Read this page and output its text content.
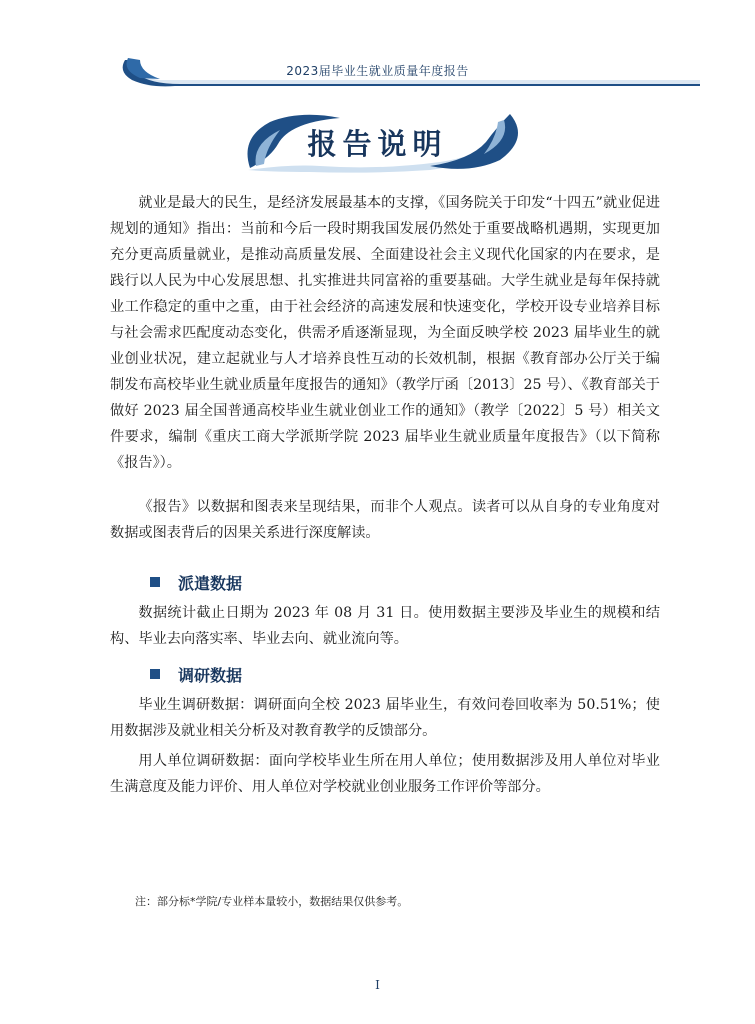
2023届毕业生就业质量年度报告
报告说明

就业是最大的民生，是经济发展最基本的支撑，《国务院关于印发“十四五”就业促进规划的通知》指出：当前和今后一段时期我国发展仍然处于重要战略机遇期，实现更加充分更高质量就业，是推动高质量发展、全面建设社会主义现代化国家的内在要求，是践行以人民为中心发展思想、扎实推进共同富裕的重要基础。大学生就业是每年保持就业工作稳定的重中之重，由于社会经济的高速发展和快速变化，学校开设专业培养目标与社会需求匹配度动态变化，供需矛盾逐渐显现，为全面反映学校 2023 届毕业生的就业创业状况，建立起就业与人才培养良性互动的长效机制，根据《教育部办公厅关于编制发布高校毕业生就业质量年度报告的通知》（教学厅函〔2013〕25 号）、《教育部关于做好 2023 届全国普通高校毕业生就业创业工作的通知》（教学〔2022〕5 号）相关文件要求，编制《重庆工商大学派斯学院 2023 届毕业生就业质量年度报告》（以下简称《报告》）。

《报告》以数据和图表来呈现结果，而非个人观点。读者可以从自身的专业角度对数据或图表背后的因果关系进行深度解读。

派遣数据

数据统计截止日期为 2023 年 08 月 31 日。使用数据主要涉及毕业生的规模和结构、毕业去向落实率、毕业去向、就业流向等。

调研数据

毕业生调研数据：调研面向全校 2023 届毕业生，有效问卷回收率为 50.51%；使用数据涉及就业相关分析及对教育教学的反馈部分。

用人单位调研数据：面向学校毕业生所在用人单位；使用数据涉及用人单位对毕业生满意度及能力评价、用人单位对学校就业创业服务工作评价等部分。

注：部分标*学院/专业样本量较小，数据结果仅供参考。
I
